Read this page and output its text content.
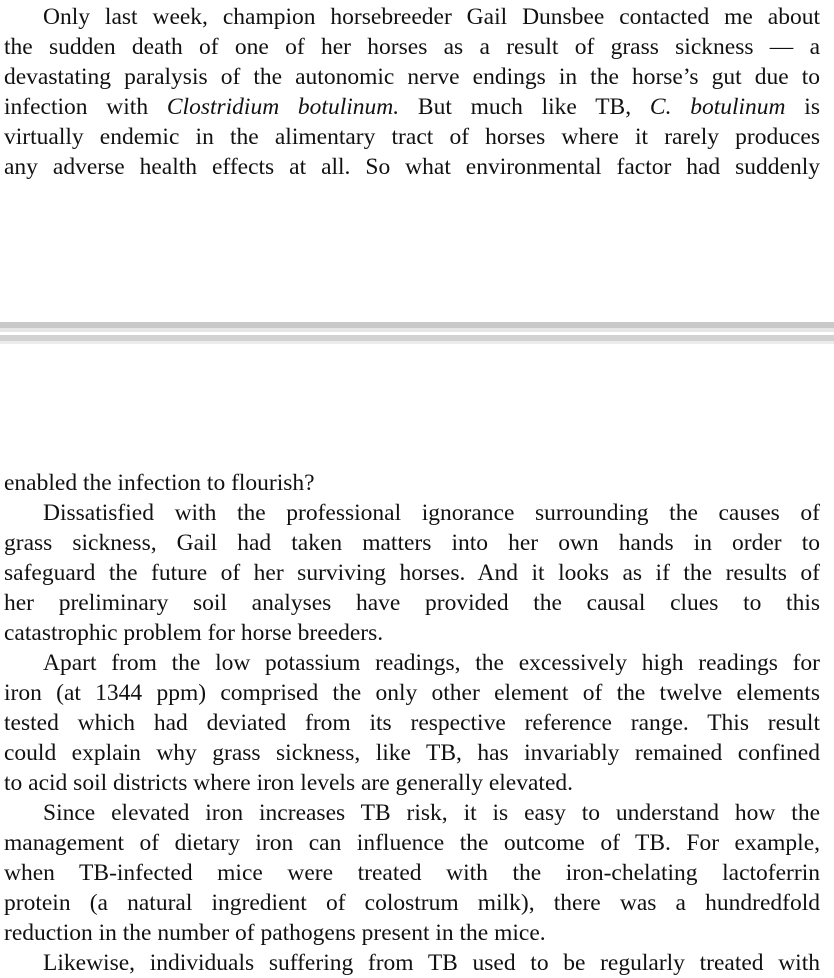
Only last week, champion horsebreeder Gail Dunsbee contacted me about
the sudden death of one of her horses as a result of grass sickness — a
devastating paralysis of the autonomic nerve endings in the horse’s gut due to
infection with Clostridium botulinum. But much like TB, C. botulinum is
virtually endemic in the alimentary tract of horses where it rarely produces
any adverse health effects at all. So what environmental factor had suddenly
enabled the infection to flourish?
Dissatisfied with the professional ignorance surrounding the causes of
grass sickness, Gail had taken matters into her own hands in order to
safeguard the future of her surviving horses. And it looks as if the results of
her preliminary soil analyses have provided the causal clues to this
catastrophic problem for horse breeders.
Apart from the low potassium readings, the excessively high readings for
iron (at 1344 ppm) comprised the only other element of the twelve elements
tested which had deviated from its respective reference range. This result
could explain why grass sickness, like TB, has invariably remained confined
to acid soil districts where iron levels are generally elevated.
Since elevated iron increases TB risk, it is easy to understand how the
management of dietary iron can influence the outcome of TB. For example,
when TB-infected mice were treated with the iron-chelating lactoferrin
protein (a natural ingredient of colostrum milk), there was a hundredfold
reduction in the number of pathogens present in the mice.
Likewise, individuals suffering from TB used to be regularly treated with
